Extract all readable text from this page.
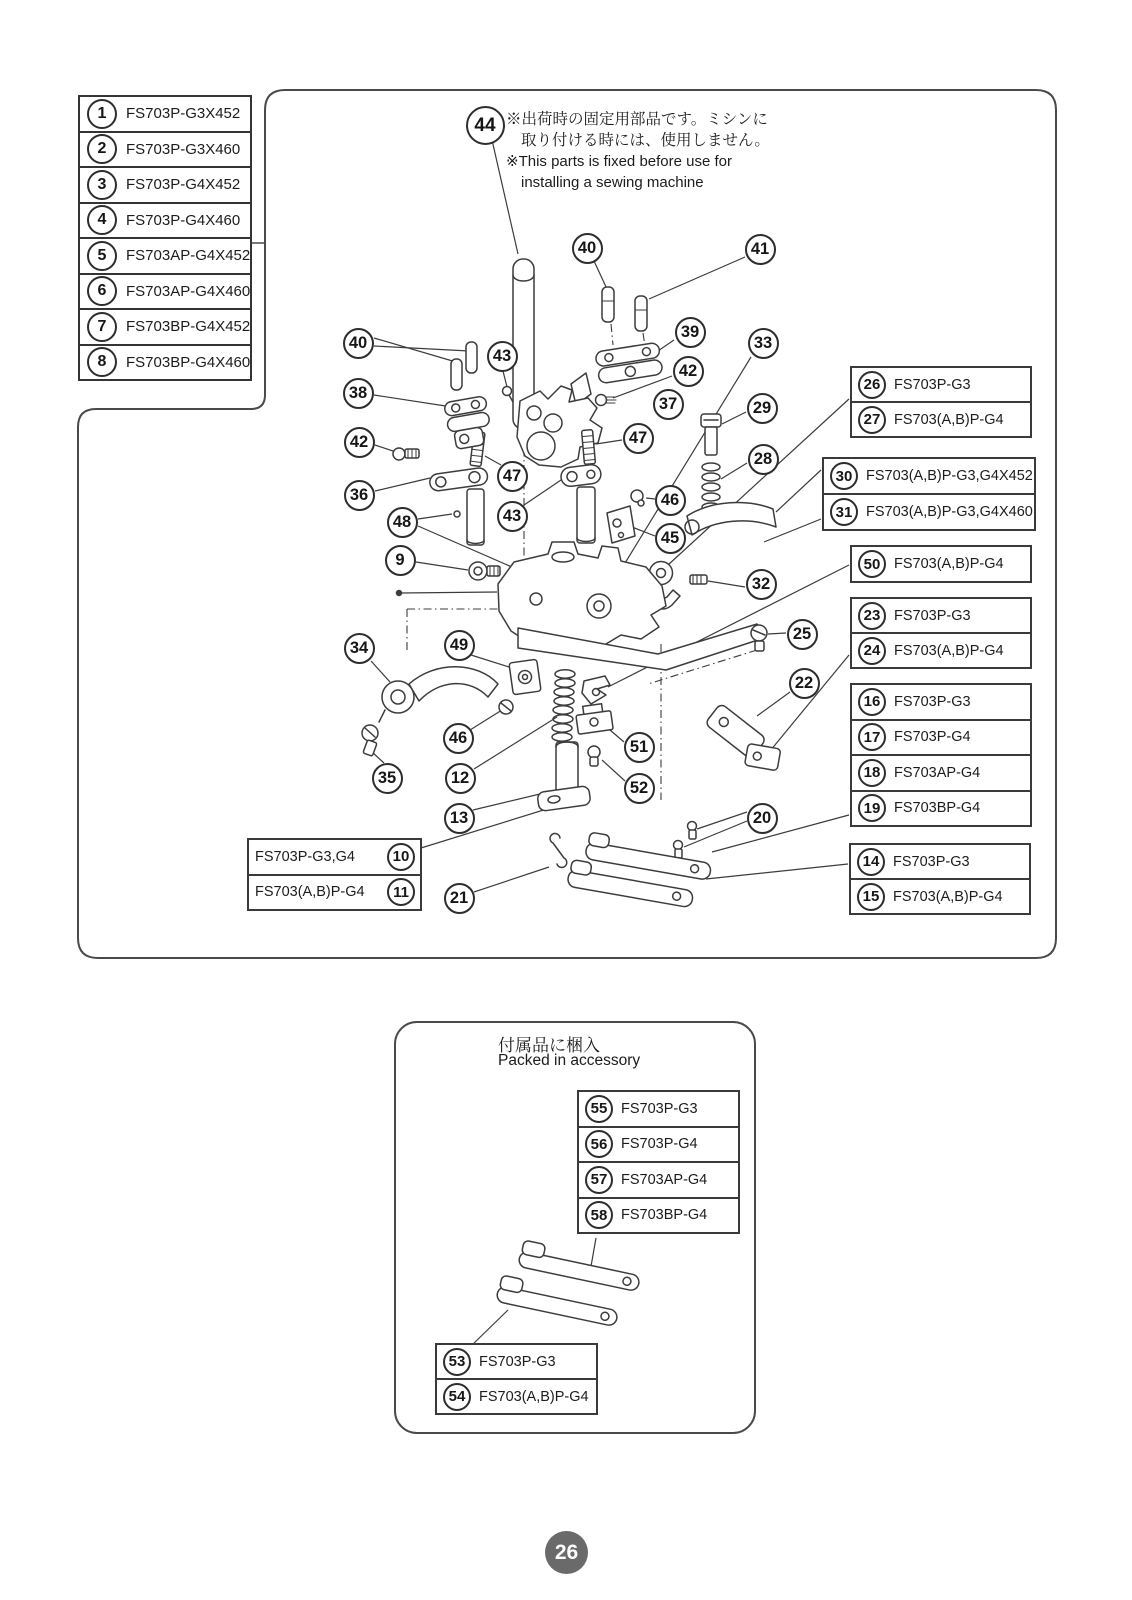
1	FS703P-G3X452
2	FS703P-G3X460
3	FS703P-G4X452
4	FS703P-G4X460
5	FS703AP-G4X452
6	FS703AP-G4X460
7	FS703BP-G4X452
8	FS703BP-G4X460
※出荷時の固定用部品です。ミシンに
取り付ける時には、使用しません。
※This parts is fixed before use for
installing a sewing machine
26 FS703P-G3
27 FS703(A,B)P-G4
30 FS703(A,B)P-G3,G4X452
31 FS703(A,B)P-G3,G4X460
50 FS703(A,B)P-G4
23 FS703P-G3
24 FS703(A,B)P-G4
16 FS703P-G3
17 FS703P-G4
18 FS703AP-G4
19 FS703BP-G4
14 FS703P-G3
15 FS703(A,B)P-G4
FS703P-G3,G4	10
FS703(A,B)P-G4	11
55 FS703P-G3
56 FS703P-G4
57 FS703AP-G4
58 FS703BP-G4
53 FS703P-G3
54 FS703(A,B)P-G4
44
40	41
40
43
39
33
42
37
38
29
47
42
28
36
47
43
46
48
45
9
32
25
34	49
22
46	51
35	12
52
13	20
21
付属品に梱入
Packed in accessory
26
